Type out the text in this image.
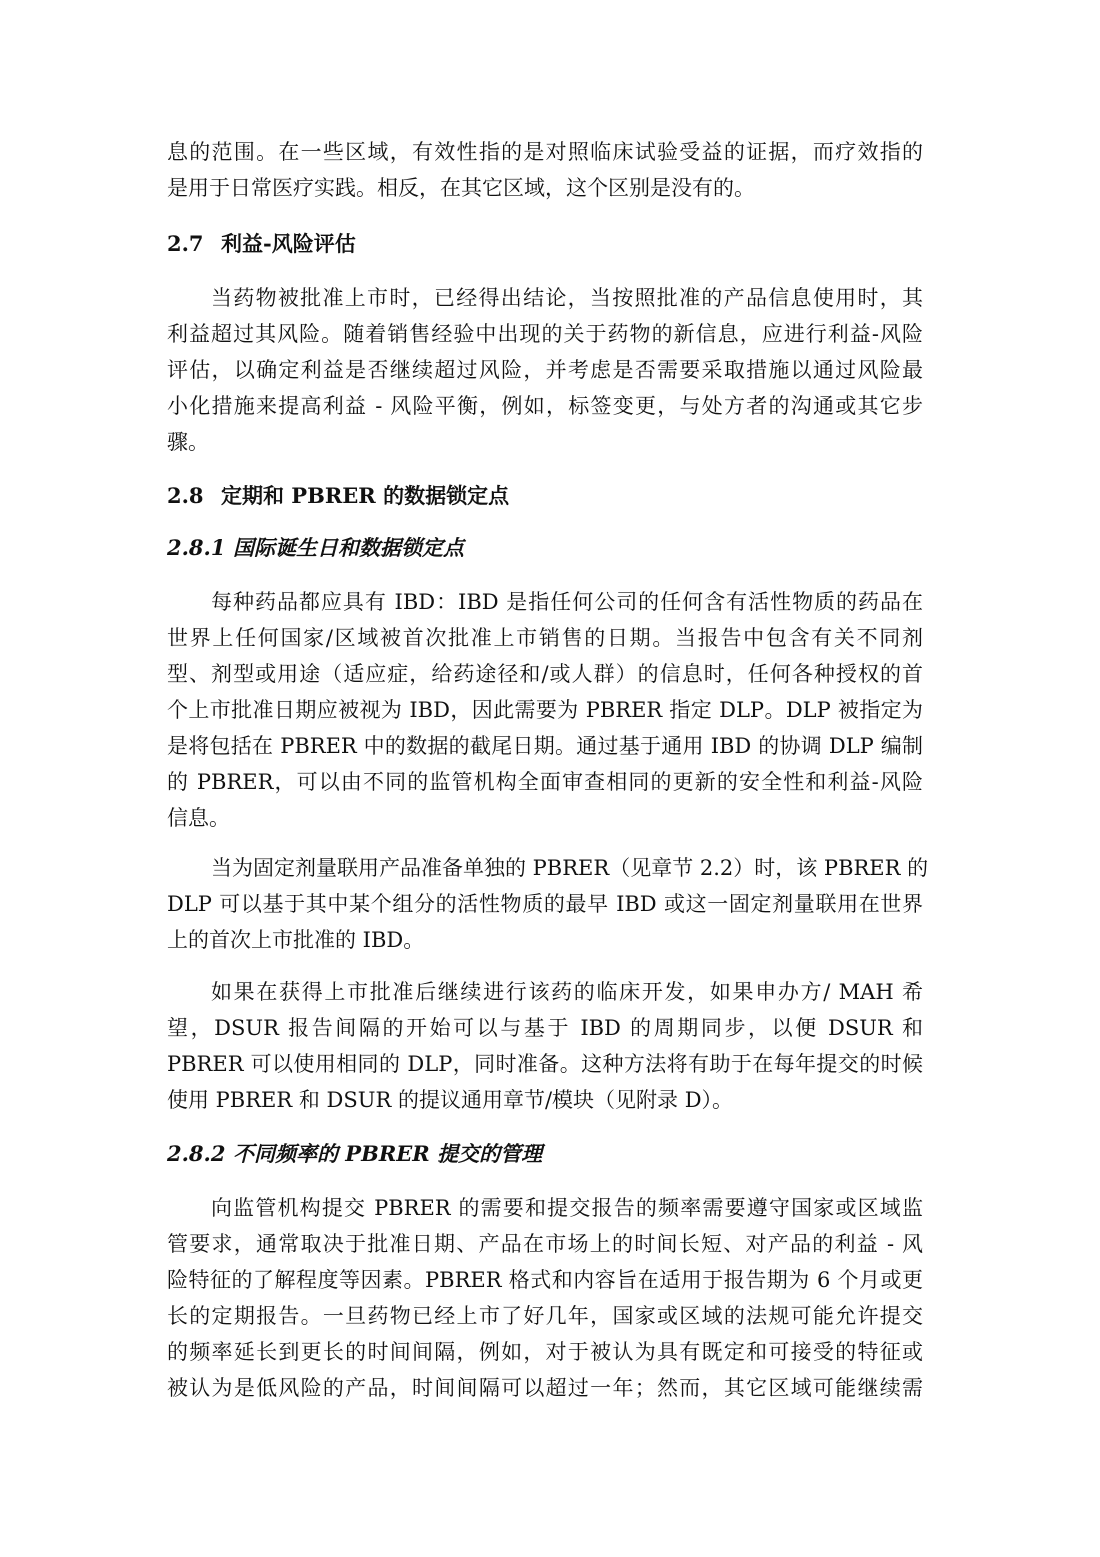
息的范围。在一些区域，有效性指的是对照临床试验受益的证据，而疗效指的
是用于日常医疗实践。相反，在其它区域，这个区别是没有的。
2.7 利益-风险评估
当药物被批准上市时，已经得出结论，当按照批准的产品信息使用时，其
利益超过其风险。随着销售经验中出现的关于药物的新信息，应进行利益-风险
评估，以确定利益是否继续超过风险，并考虑是否需要采取措施以通过风险最
小化措施来提高利益 - 风险平衡，例如，标签变更，与处方者的沟通或其它步
骤。
2.8 定期和 PBRER 的数据锁定点
2.8.1 国际诞生日和数据锁定点
每种药品都应具有 IBD：IBD 是指任何公司的任何含有活性物质的药品在
世界上任何国家/区域被首次批准上市销售的日期。当报告中包含有关不同剂
型、剂型或用途（适应症，给药途径和/或人群）的信息时，任何各种授权的首
个上市批准日期应被视为 IBD，因此需要为 PBRER 指定 DLP。DLP 被指定为
是将包括在 PBRER 中的数据的截尾日期。通过基于通用 IBD 的协调 DLP 编制
的 PBRER，可以由不同的监管机构全面审查相同的更新的安全性和利益-风险
信息。
当为固定剂量联用产品准备单独的 PBRER（见章节 2.2）时，该 PBRER 的
DLP 可以基于其中某个组分的活性物质的最早 IBD 或这一固定剂量联用在世界
上的首次上市批准的 IBD。
如果在获得上市批准后继续进行该药的临床开发，如果申办方/ MAH 希
望，DSUR 报告间隔的开始可以与基于 IBD 的周期同步，以便 DSUR 和
PBRER 可以使用相同的 DLP，同时准备。这种方法将有助于在每年提交的时候
使用 PBRER 和 DSUR 的提议通用章节/模块（见附录 D）。
2.8.2 不同频率的 PBRER 提交的管理
向监管机构提交 PBRER 的需要和提交报告的频率需要遵守国家或区域监
管要求，通常取决于批准日期、产品在市场上的时间长短、对产品的利益 - 风
险特征的了解程度等因素。PBRER 格式和内容旨在适用于报告期为 6 个月或更
长的定期报告。一旦药物已经上市了好几年，国家或区域的法规可能允许提交
的频率延长到更长的时间间隔，例如，对于被认为具有既定和可接受的特征或
被认为是低风险的产品，时间间隔可以超过一年；然而，其它区域可能继续需
